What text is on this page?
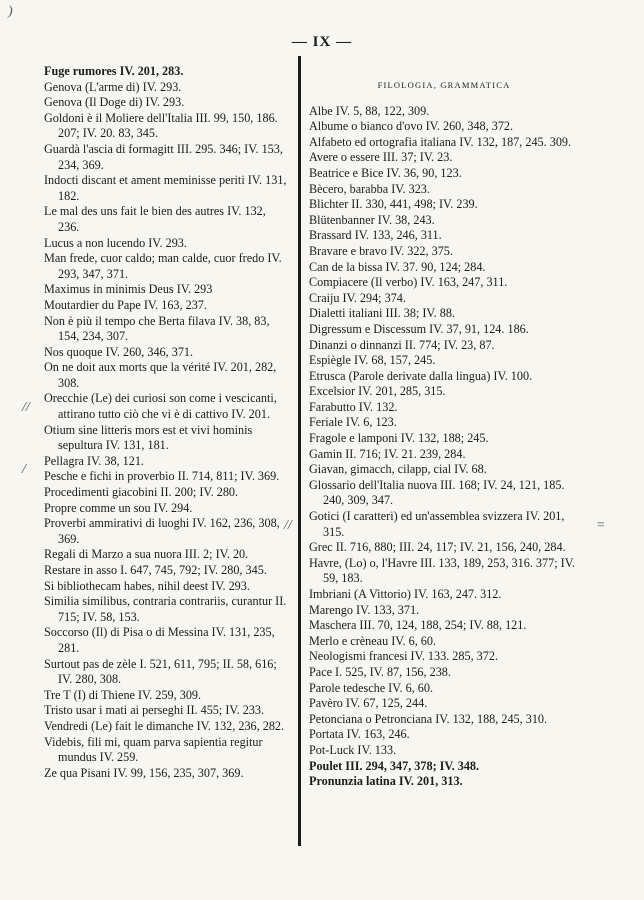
— IX —

Fuge rumores IV. 201, 283.

Genova (L'arme di) IV. 293.

Genova (Il Doge di) IV. 293.

Goldoni è il Moliere dell'Italia III. 99, 150, 186. 207; IV. 20. 83, 345.

Guardà l'ascia di formagitt III. 295. 346; IV. 153, 234, 369.

Indocti discant et ament meminisse periti IV. 131, 182.

Le mal des uns fait le bien des autres IV. 132, 236.

Lucus a non lucendo IV. 293.

Man frede, cuor caldo; man calde, cuor fredo IV. 293, 347, 371.

Maximus in minimis Deus IV. 293

Moutardier du Pape IV. 163, 237.

Non è più il tempo che Berta filava IV. 38, 83, 154, 234, 307.

Nos quoque IV. 260, 346, 371.

On ne doit aux morts que la vérité IV. 201, 282, 308.

Orecchie (Le) dei curiosi son come i vescicanti, attirano tutto ciò che vi è di cattivo IV. 201.

Otium sine litteris mors est et vivi hominis sepultura IV. 131, 181.

Pellagra IV. 38, 121.

Pesche e fichi in proverbio II. 714, 811; IV. 369.

Procedimenti giacobini II. 200; IV. 280.

Propre comme un sou IV. 294.

Proverbi ammirativi di luoghi IV. 162, 236, 308, 369.

Regali di Marzo a sua nuora III. 2; IV. 20.

Restare in asso I. 647, 745, 792; IV. 280, 345.

Si bibliothecam habes, nihil deest IV. 293.

Similia similibus, contraria contrariis, curantur II. 715; IV. 58, 153.

Soccorso (Il) di Pisa o di Messina IV. 131, 235, 281.

Surtout pas de zèle I. 521, 611, 795; II. 58, 616; IV. 280, 308.

Tre T (I) di Thiene IV. 259, 309.

Tristo usar i mati ai perseghi II. 455; IV. 233.

Vendredi (Le) fait le dimanche IV. 132, 236, 282.

Videbis, fili mi, quam parva sapientia regitur mundus IV. 259.

Ze qua Pisani IV. 99, 156, 235, 307, 369.

FILOLOGIA, GRAMMATICA

Albe IV. 5, 88, 122, 309.

Albume o bianco d'ovo IV. 260, 348, 372.

Alfabeto ed ortografia italiana IV. 132, 187, 245. 309.

Avere o essere III. 37; IV. 23.

Beatrice e Bice IV. 36, 90, 123.

Bècero, barabba IV. 323.

Blichter II. 330, 441, 498; IV. 239.

Blütenbanner IV. 38, 243.

Brassard IV. 133, 246, 311.

Bravare e bravo IV. 322, 375.

Can de la bissa IV. 37. 90, 124; 284.

Compiacere (Il verbo) IV. 163, 247, 311.

Craiju IV. 294; 374.

Dialetti italiani III. 38; IV. 88.

Digressum e Discessum IV. 37, 91, 124. 186.

Dinanzi o dinnanzi II. 774; IV. 23, 87.

Espiègle IV. 68, 157, 245.

Etrusca (Parole derivate dalla lingua) IV. 100.

Excelsior IV. 201, 285, 315.

Farabutto IV. 132.

Feriale IV. 6, 123.

Fragole e lamponi IV. 132, 188; 245.

Gamin II. 716; IV. 21. 239, 284.

Giavan, gimacch, cilapp, cial IV. 68.

Glossario dell'Italia nuova III. 168; IV. 24, 121, 185. 240, 309, 347.

Gotici (I caratteri) ed un'assemblea svizzera IV. 201, 315.

Grec II. 716, 880; III. 24, 117; IV. 21, 156, 240, 284.

Havre, (Lo) o, l'Havre III. 133, 189, 253, 316. 377; IV. 59, 183.

Imbriani (A Vittorio) IV. 163, 247. 312.

Marengo IV. 133, 371.

Maschera III. 70, 124, 188, 254; IV. 88, 121.

Merlo e crèneau IV. 6, 60.

Neologismi francesi IV. 133. 285, 372.

Pace I. 525, IV. 87, 156, 238.

Parole tedesche IV. 6, 60.

Pavèro IV. 67, 125, 244.

Petonciana o Petronciana IV. 132, 188, 245, 310.

Portata IV. 163, 246.

Pot-Luck IV. 133.

Poulet III. 294, 347, 378; IV. 348.

Pronunzia latina IV. 201, 313.

)
//
/
=
//
